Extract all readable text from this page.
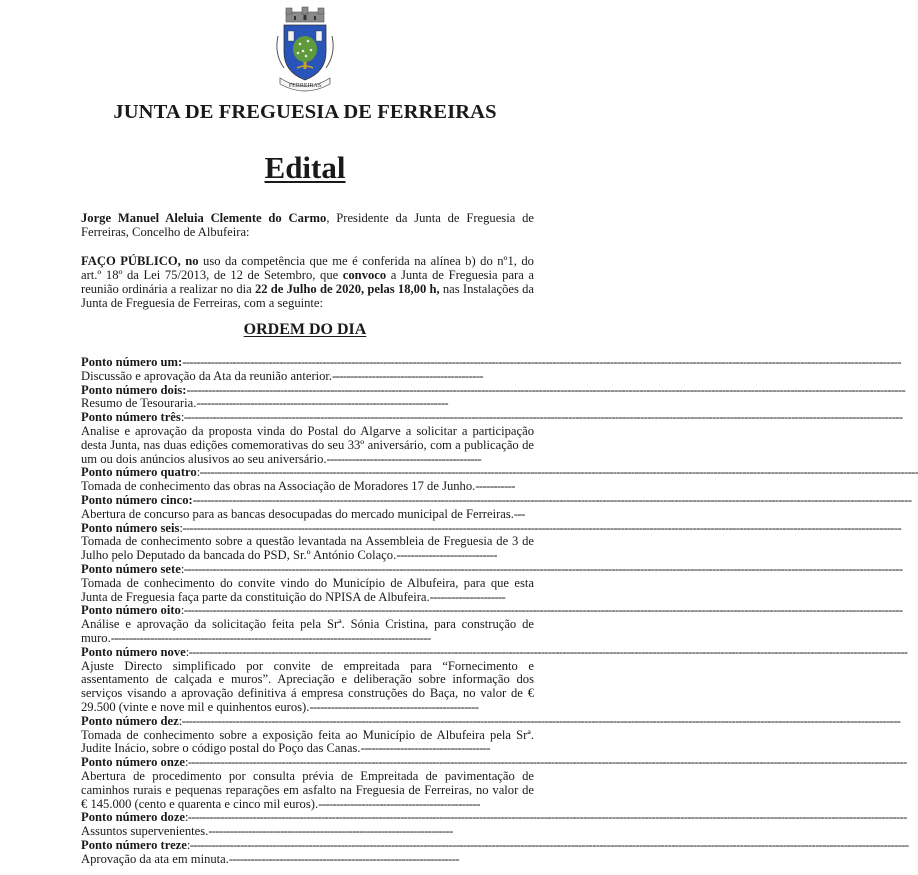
FERREIRAS
JUNTA DE FREGUESIA DE FERREIRAS
Edital
Jorge Manuel Aleluia Clemente do Carmo, Presidente da Junta de Freguesia de Ferreiras, Concelho de Albufeira:
FAÇO PÚBLICO, no uso da competência que me é conferida na alínea b) do nº1, do art.º 18º da Lei 75/2013, de 12 de Setembro, que convoco a Junta de Freguesia para a reunião ordinária a realizar no dia 22 de Julho de 2020, pelas 18,00 h, nas Instalações da Junta de Freguesia de Ferreiras, com a seguinte:
ORDEM DO DIA
Ponto número um:--------------------------------------------------------------------------------------------------------------------------------------------------------------------------------------------------------
Discussão e aprovação da Ata da reunião anterior.------------------------------------------
Ponto número dois:--------------------------------------------------------------------------------------------------------------------------------------------------------------------------------------------------------
Resumo de Tesouraria.----------------------------------------------------------------------
Ponto número três:--------------------------------------------------------------------------------------------------------------------------------------------------------------------------------------------------------
Analise e aprovação da proposta vinda do Postal do Algarve a solicitar a participação desta Junta, nas duas edições comemorativas do seu 33º aniversário, com a publicação de um ou dois anúncios alusivos ao seu aniversário.-------------------------------------------
Ponto número quatro:--------------------------------------------------------------------------------------------------------------------------------------------------------------------------------------------------------
Tomada de conhecimento das obras na Associação de Moradores 17 de Junho.-----------
Ponto número cinco:--------------------------------------------------------------------------------------------------------------------------------------------------------------------------------------------------------
Abertura de concurso para as bancas desocupadas do mercado municipal de Ferreiras.---
Ponto número seis:--------------------------------------------------------------------------------------------------------------------------------------------------------------------------------------------------------
Tomada de conhecimento sobre a questão levantada na Assembleia de Freguesia de 3 de Julho pelo Deputado da bancada do PSD, Sr.º António Colaço.----------------------------
Ponto número sete:--------------------------------------------------------------------------------------------------------------------------------------------------------------------------------------------------------
Tomada de conhecimento do convite vindo do Município de Albufeira, para que esta Junta de Freguesia faça parte da constituição do NPISA de Albufeira.---------------------
Ponto número oito:--------------------------------------------------------------------------------------------------------------------------------------------------------------------------------------------------------
Análise e aprovação da solicitação feita pela Srª. Sónia Cristina, para construção de muro.-----------------------------------------------------------------------------------------
Ponto número nove:--------------------------------------------------------------------------------------------------------------------------------------------------------------------------------------------------------
Ajuste Directo simplificado por convite de empreitada para “Fornecimento e assentamento de calçada e muros”. Apreciação e deliberação sobre informação dos serviços visando a aprovação definitiva á empresa construções do Baça, no valor de € 29.500 (vinte e nove mil e quinhentos euros).-----------------------------------------------
Ponto número dez:--------------------------------------------------------------------------------------------------------------------------------------------------------------------------------------------------------
Tomada de conhecimento sobre a exposição feita ao Município de Albufeira pela Srª. Judite Inácio, sobre o código postal do Poço das Canas.------------------------------------
Ponto número onze:--------------------------------------------------------------------------------------------------------------------------------------------------------------------------------------------------------
Abertura de procedimento por consulta prévia de Empreitada de pavimentação de caminhos rurais e pequenas reparações em asfalto na Freguesia de Ferreiras, no valor de € 145.000 (cento e quarenta e cinco mil euros).---------------------------------------------
Ponto número doze:--------------------------------------------------------------------------------------------------------------------------------------------------------------------------------------------------------
Assuntos supervenientes.--------------------------------------------------------------------
Ponto número treze:--------------------------------------------------------------------------------------------------------------------------------------------------------------------------------------------------------
Aprovação da ata em minuta.----------------------------------------------------------------
